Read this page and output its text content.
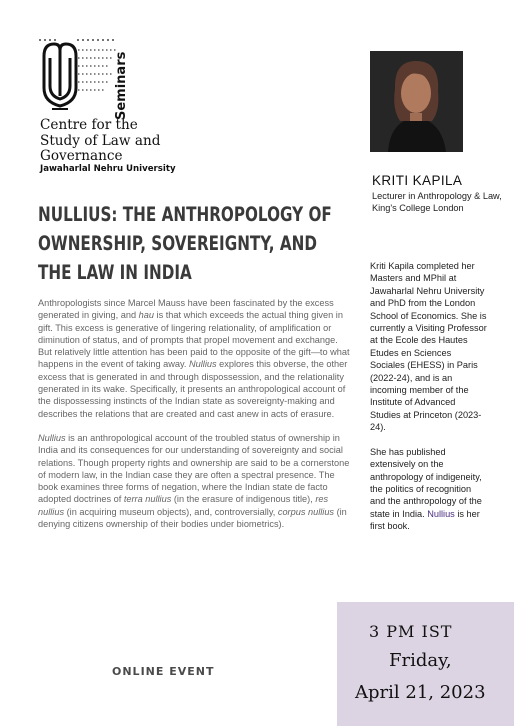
Seminars
Centre for the
Study of Law and
Governance
Jawaharlal Nehru University
NULLIUS: THE ANTHROPOLOGY OF
OWNERSHIP, SOVEREIGNTY, AND
THE LAW IN INDIA

Anthropologists since Marcel Mauss have been fascinated by the excess generated in giving, and hau is that which exceeds the actual thing given in gift. This excess is generative of lingering relationality, of amplification or diminution of status, and of prompts that propel movement and exchange. But relatively little attention has been paid to the opposite of the gift—to what happens in the event of taking away. Nullius explores this obverse, the other excess that is generated in and through dispossession, and the relationality generated in its wake. Specifically, it presents an anthropological account of the dispossessing instincts of the Indian state as sovereignty-making and describes the relations that are created and cast anew in acts of erasure.

Nullius is an anthropological account of the troubled status of ownership in India and its consequences for our understanding of sovereignty and social relations. Though property rights and ownership are said to be a cornerstone of modern law, in the Indian case they are often a spectral presence. The book examines three forms of negation, where the Indian state de facto adopted doctrines of terra nullius (in the erasure of indigenous title), res nullius (in acquiring museum objects), and, controversially, corpus nullius (in denying citizens ownership of their bodies under biometrics).

ONLINE EVENT
KRITI KAPILA
Lecturer in Anthropology & Law, King's College London

Kriti Kapila completed her Masters and MPhil at Jawaharlal Nehru University and PhD from the London School of Economics. She is currently a Visiting Professor at the Ecole des Hautes Etudes en Sciences Sociales (EHESS) in Paris (2022-24), and is an incoming member of the Institute of Advanced Studies at Princeton (2023-24).

She has published extensively on the anthropology of indigeneity, the politics of recognition and the anthropology of the state in India. Nullius is her first book.

3 PM IST
Friday,
April 21, 2023
